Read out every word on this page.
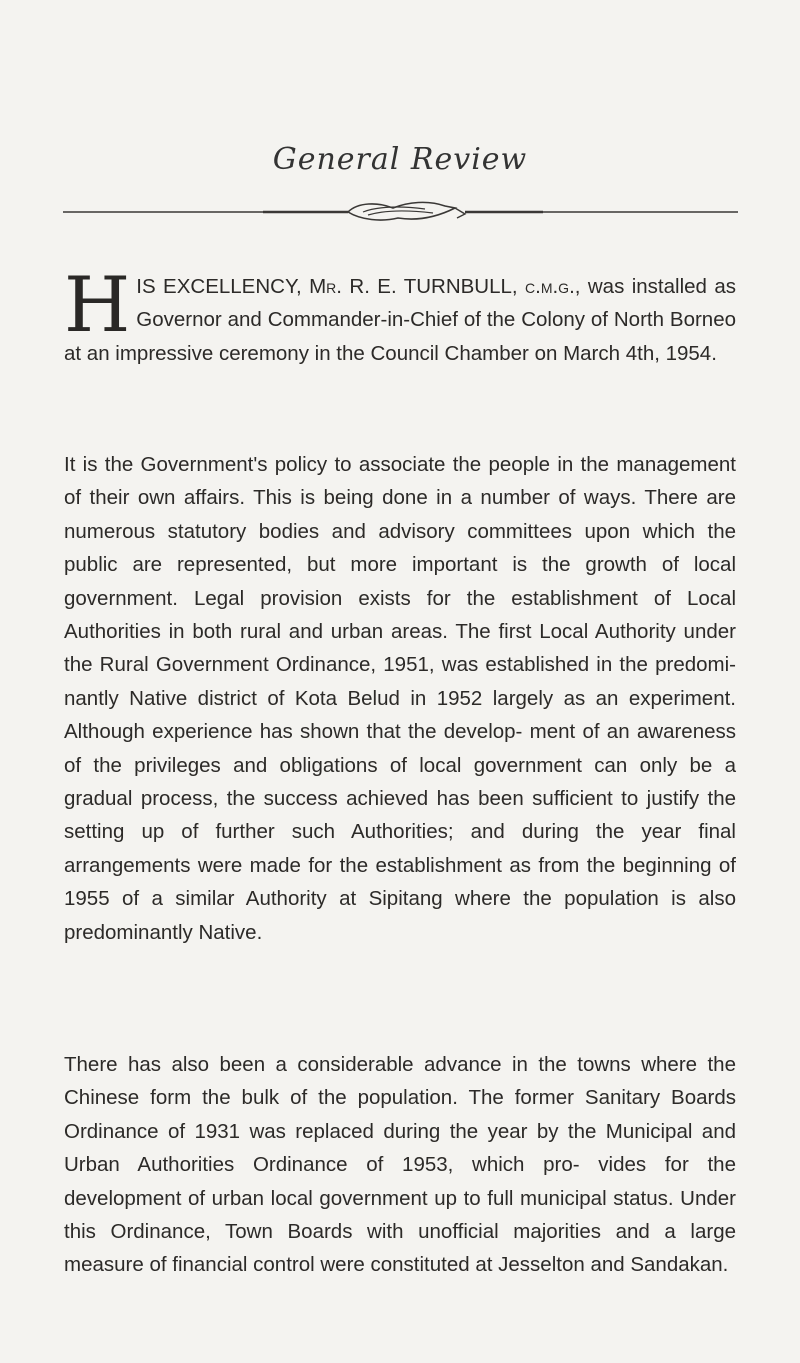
General Review
HIS EXCELLENCY, Mr. R. E. TURNBULL, c.m.g., was installed as Governor and Commander-in-Chief of the Colony of North Borneo at an impressive ceremony in the Council Chamber on March 4th, 1954.
It is the Government's policy to associate the people in the management of their own affairs. This is being done in a number of ways. There are numerous statutory bodies and advisory committees upon which the public are represented, but more important is the growth of local government. Legal provision exists for the establishment of Local Authorities in both rural and urban areas. The first Local Authority under the Rural Government Ordinance, 1951, was established in the predomi- nantly Native district of Kota Belud in 1952 largely as an experiment. Although experience has shown that the develop- ment of an awareness of the privileges and obligations of local government can only be a gradual process, the success achieved has been sufficient to justify the setting up of further such Authorities; and during the year final arrangements were made for the establishment as from the beginning of 1955 of a similar Authority at Sipitang where the population is also predominantly Native.
There has also been a considerable advance in the towns where the Chinese form the bulk of the population. The former Sanitary Boards Ordinance of 1931 was replaced during the year by the Municipal and Urban Authorities Ordinance of 1953, which pro- vides for the development of urban local government up to full municipal status. Under this Ordinance, Town Boards with unofficial majorities and a large measure of financial control were constituted at Jesselton and Sandakan.
